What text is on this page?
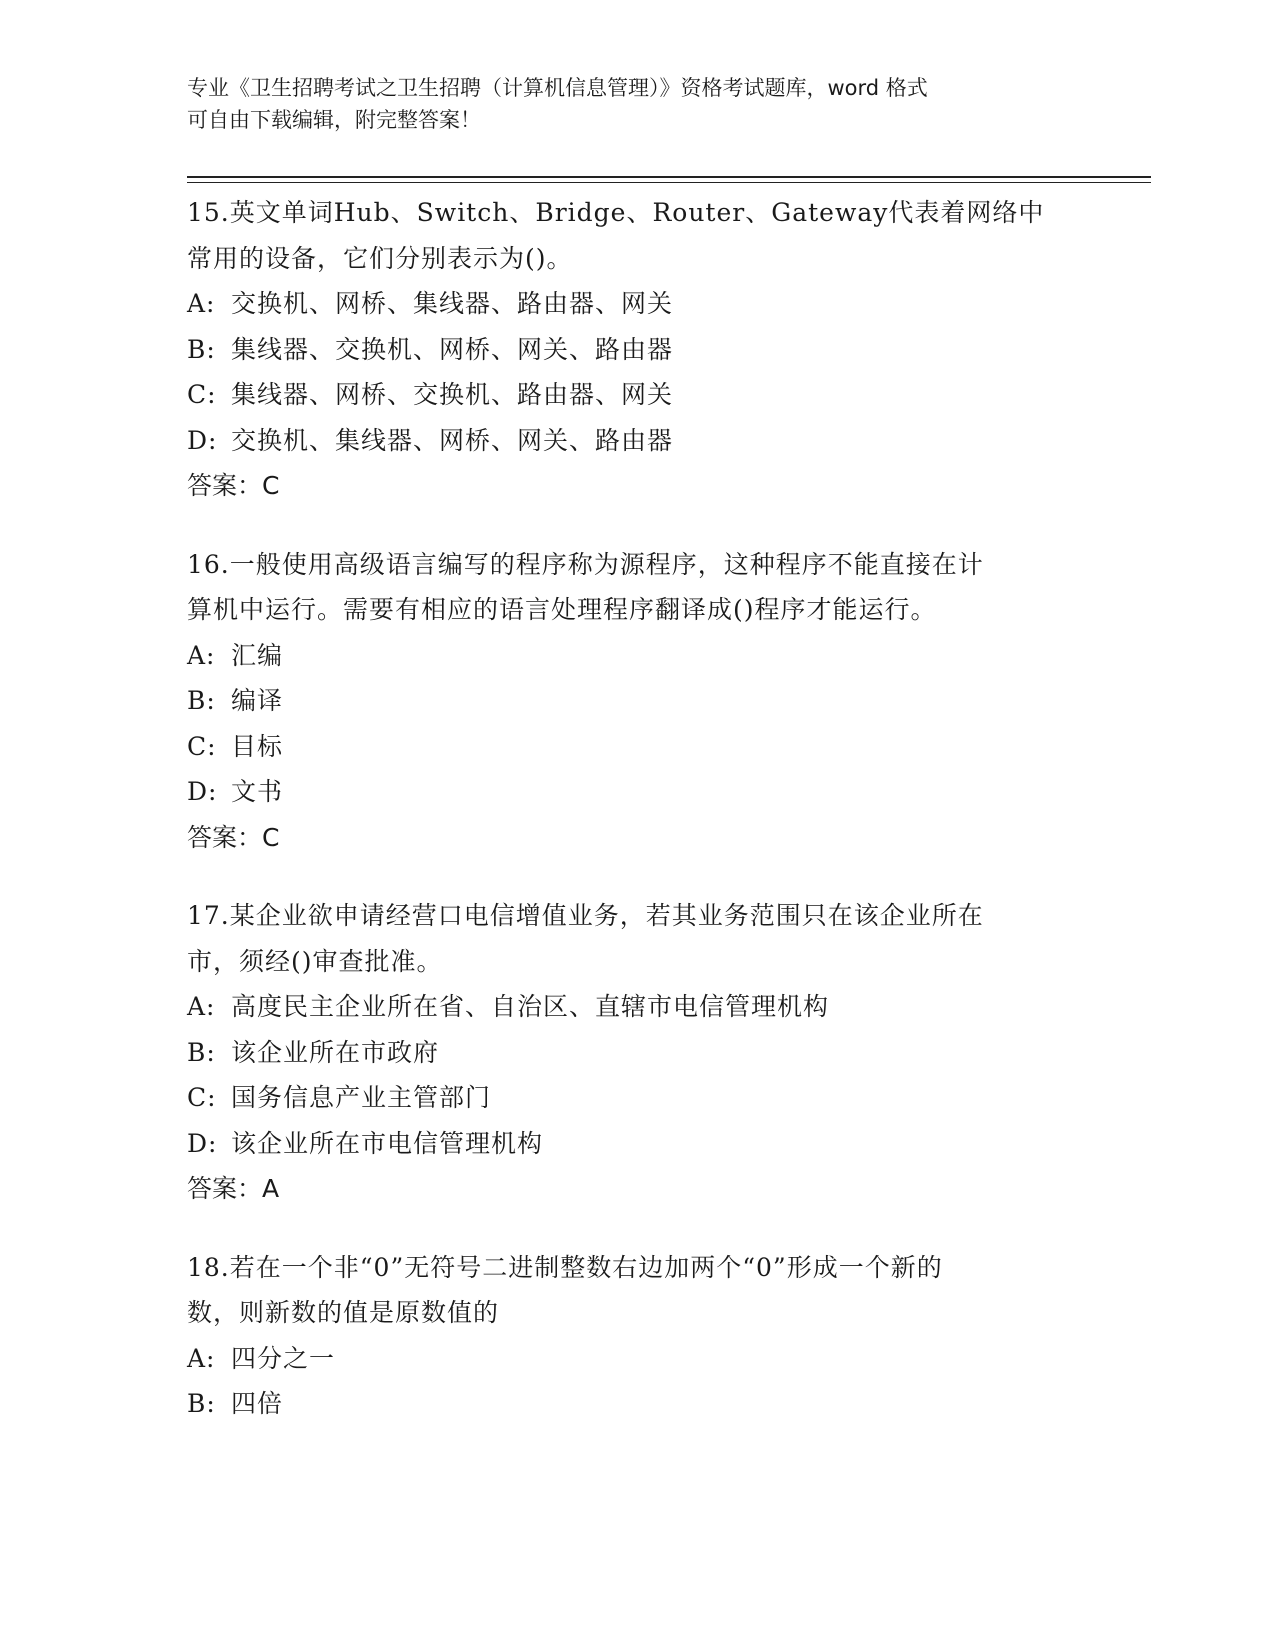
专业《卫生招聘考试之卫生招聘（计算机信息管理）》资格考试题库，word 格式
可自由下载编辑，附完整答案！
15.英文单词Hub、Switch、Bridge、Router、Gateway代表着网络中
常用的设备，它们分别表示为()。
A: 交换机、网桥、集线器、路由器、网关
B: 集线器、交换机、网桥、网关、路由器
C: 集线器、网桥、交换机、路由器、网关
D: 交换机、集线器、网桥、网关、路由器
答案：C
16.一般使用高级语言编写的程序称为源程序，这种程序不能直接在计
算机中运行。需要有相应的语言处理程序翻译成()程序才能运行。
A: 汇编
B: 编译
C: 目标
D: 文书
答案：C
17.某企业欲申请经营口电信增值业务，若其业务范围只在该企业所在
市，须经()审查批准。
A: 高度民主企业所在省、自治区、直辖市电信管理机构
B: 该企业所在市政府
C: 国务信息产业主管部门
D: 该企业所在市电信管理机构
答案：A
18.若在一个非“0”无符号二进制整数右边加两个“0”形成一个新的
数，则新数的值是原数值的
A: 四分之一
B: 四倍
